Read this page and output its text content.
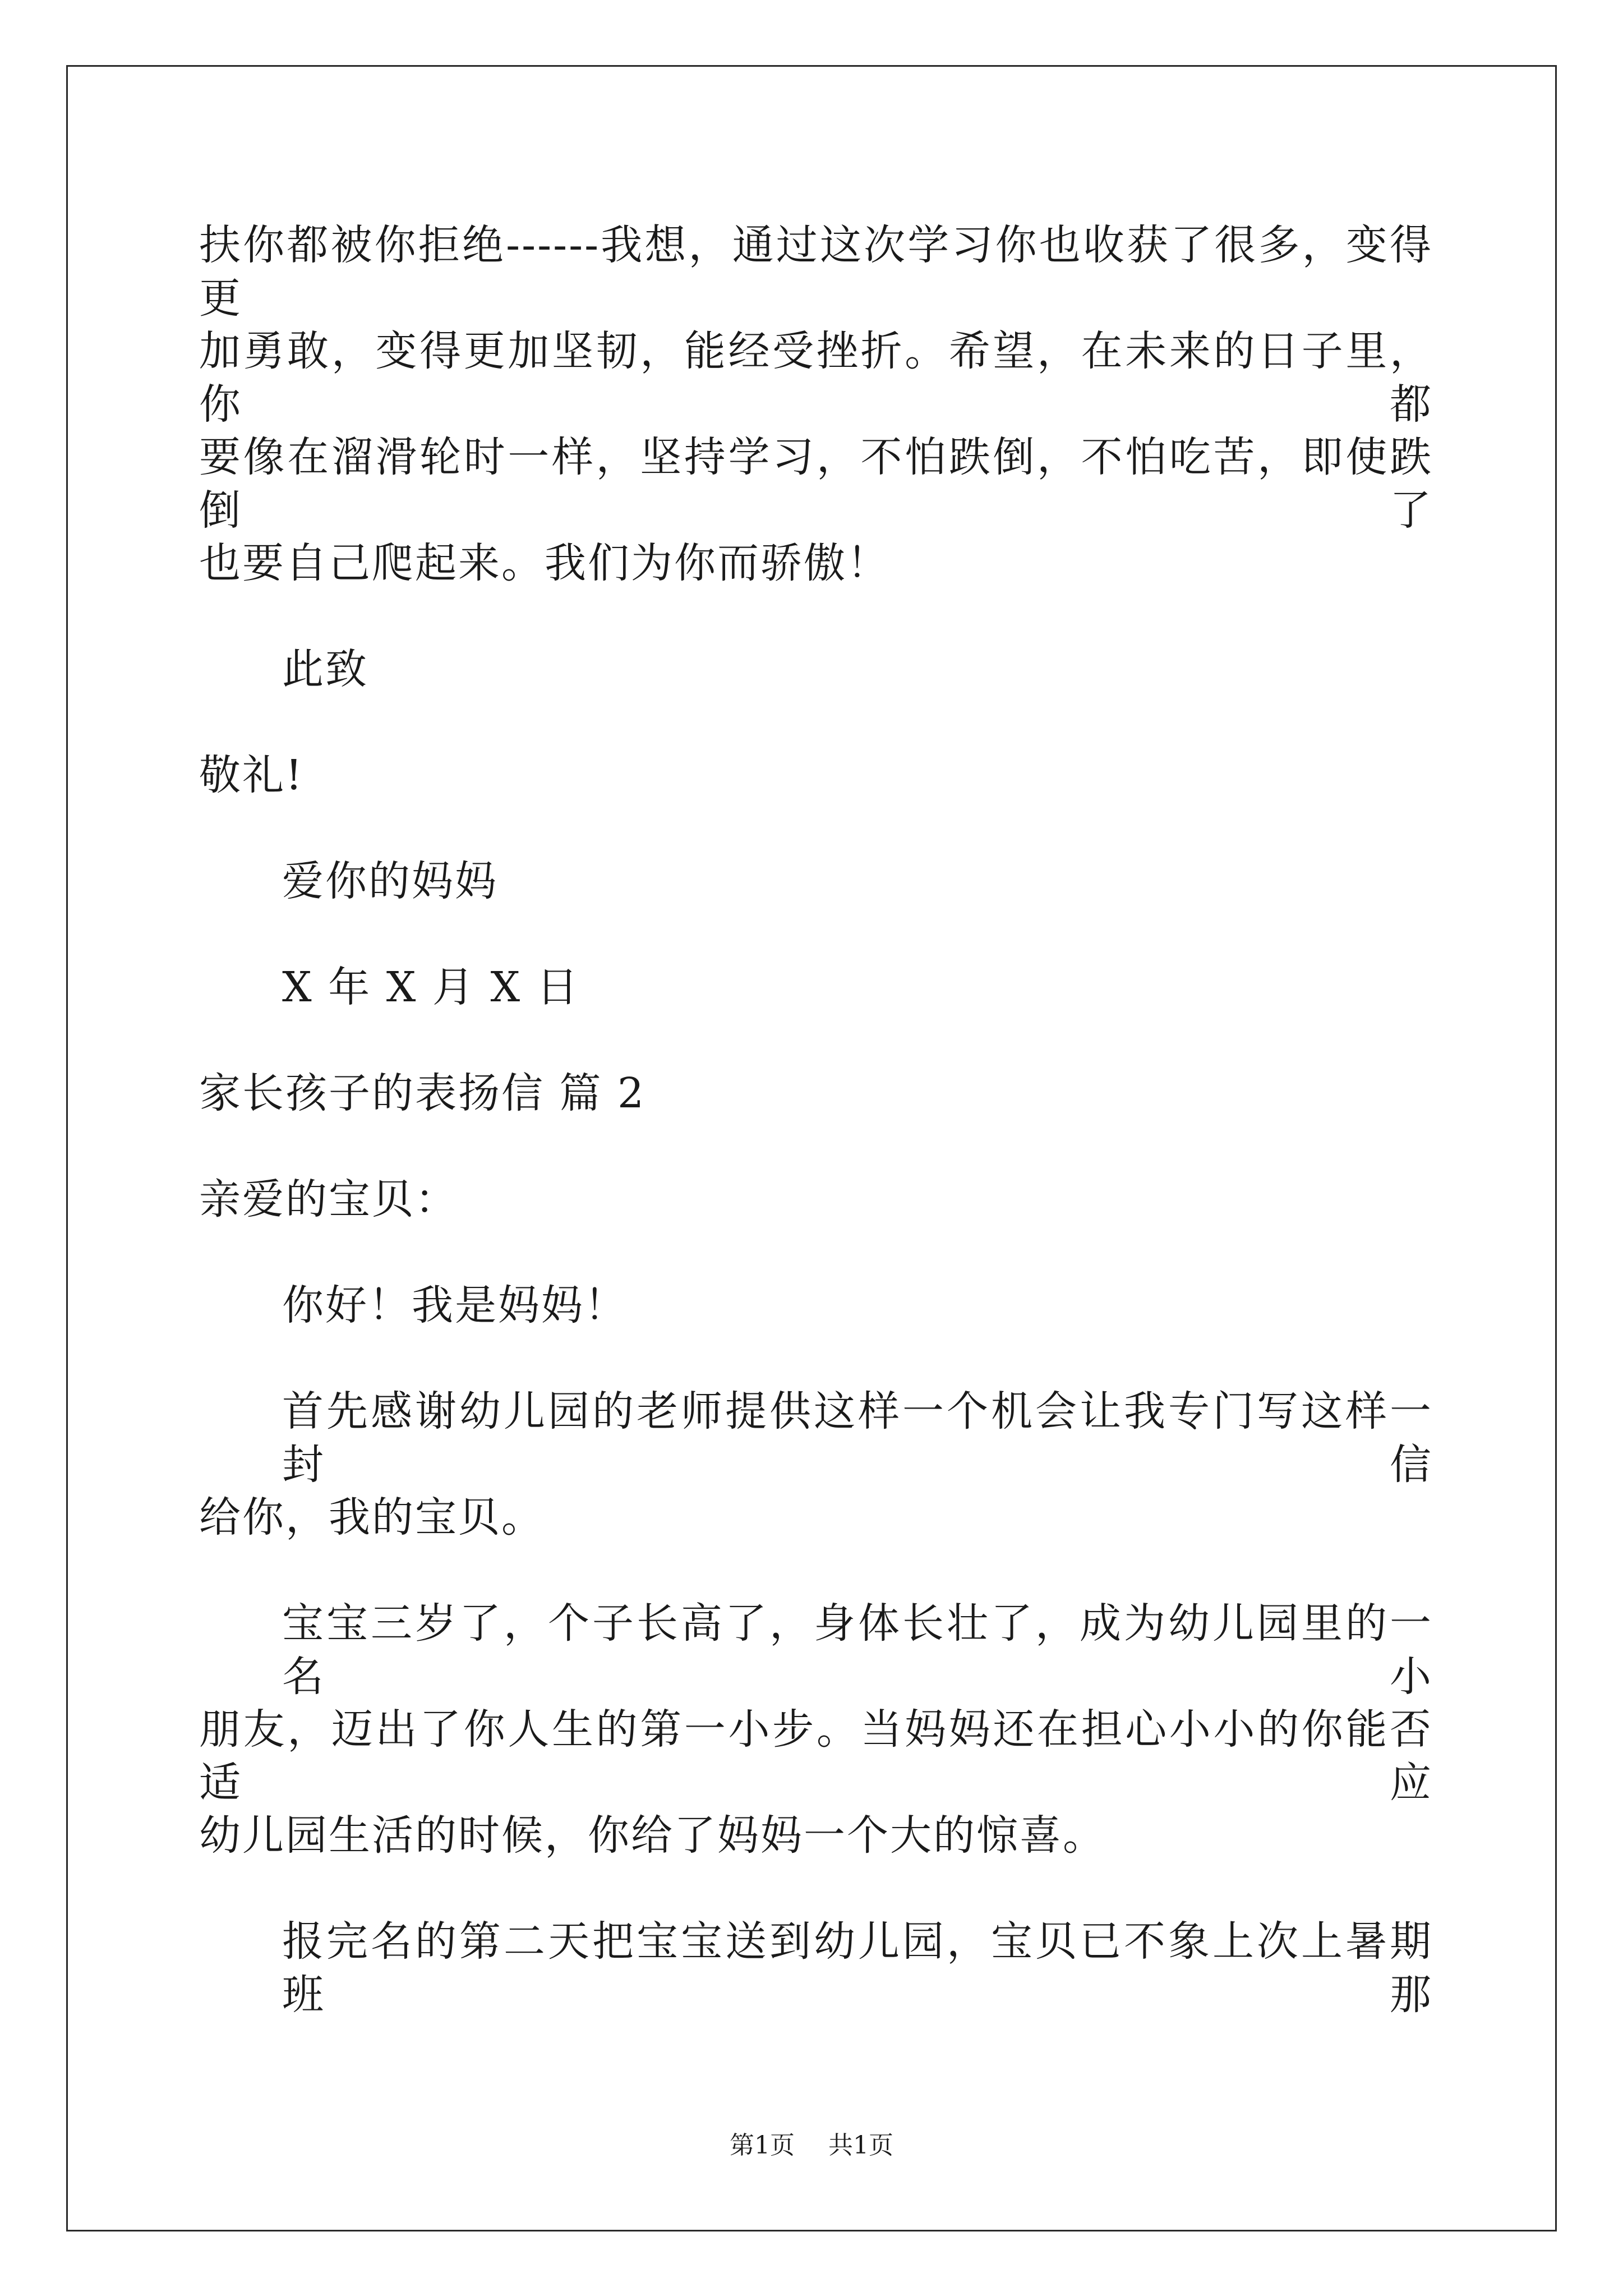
扶你都被你拒绝------我想，通过这次学习你也收获了很多，变得更
加勇敢，变得更加坚韧，能经受挫折。希望，在未来的日子里，你都
要像在溜滑轮时一样，坚持学习，不怕跌倒，不怕吃苦，即使跌倒了
也要自己爬起来。我们为你而骄傲！
此致
敬礼!
爱你的妈妈
X 年 X 月 X 日
家长孩子的表扬信 篇 2
亲爱的宝贝：
你好！我是妈妈！
首先感谢幼儿园的老师提供这样一个机会让我专门写这样一封信
给你，我的宝贝。
宝宝三岁了，个子长高了，身体长壮了，成为幼儿园里的一名小
朋友，迈出了你人生的第一小步。当妈妈还在担心小小的你能否适应
幼儿园生活的时候，你给了妈妈一个大的惊喜。
报完名的第二天把宝宝送到幼儿园，宝贝已不象上次上暑期班那
第1页 共1页
